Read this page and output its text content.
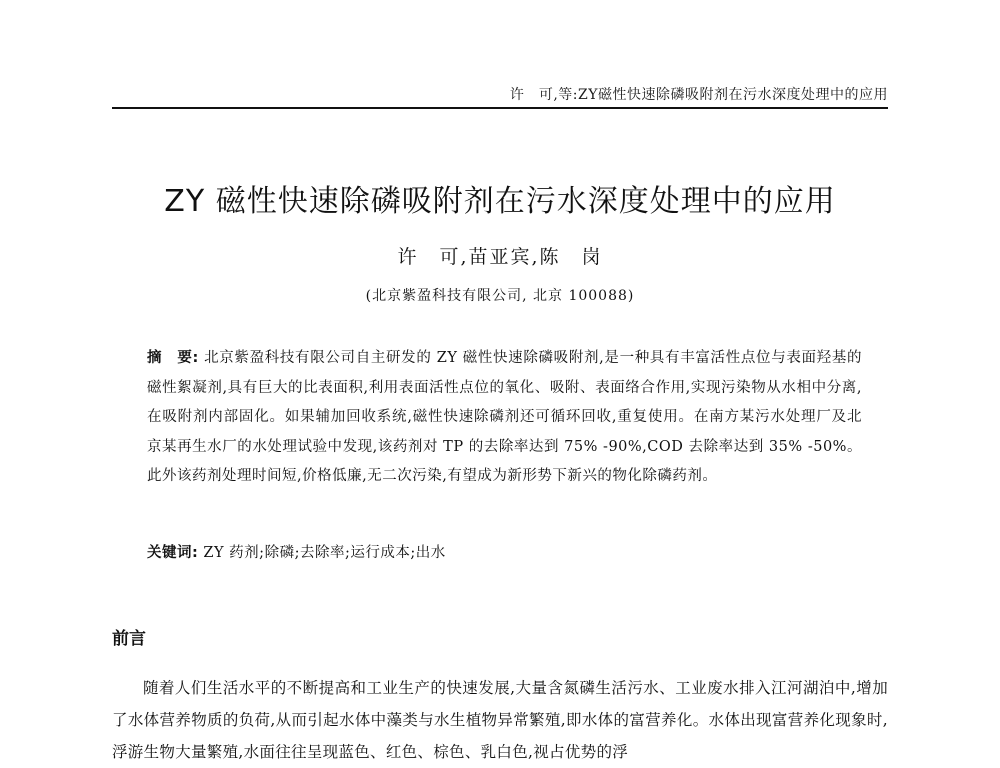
许　可,等:ZY磁性快速除磷吸附剂在污水深度处理中的应用
ZY 磁性快速除磷吸附剂在污水深度处理中的应用
许　可,苗亚宾,陈　岗
(北京紫盈科技有限公司, 北京 100088)
摘　要: 北京紫盈科技有限公司自主研发的 ZY 磁性快速除磷吸附剂,是一种具有丰富活性点位与表面羟基的磁性絮凝剂,具有巨大的比表面积,利用表面活性点位的氧化、吸附、表面络合作用,实现污染物从水相中分离,在吸附剂内部固化。如果辅加回收系统,磁性快速除磷剂还可循环回收,重复使用。在南方某污水处理厂及北京某再生水厂的水处理试验中发现,该药剂对 TP 的去除率达到 75% -90%,COD 去除率达到 35% -50%。此外该药剂处理时间短,价格低廉,无二次污染,有望成为新形势下新兴的物化除磷药剂。
关键词: ZY 药剂;除磷;去除率;运行成本;出水
前言
随着人们生活水平的不断提高和工业生产的快速发展,大量含氮磷生活污水、工业废水排入江河湖泊中,增加了水体营养物质的负荷,从而引起水体中藻类与水生植物异常繁殖,即水体的富营养化。水体出现富营养化现象时,浮游生物大量繁殖,水面往往呈现蓝色、红色、棕色、乳白色,视占优势的浮
